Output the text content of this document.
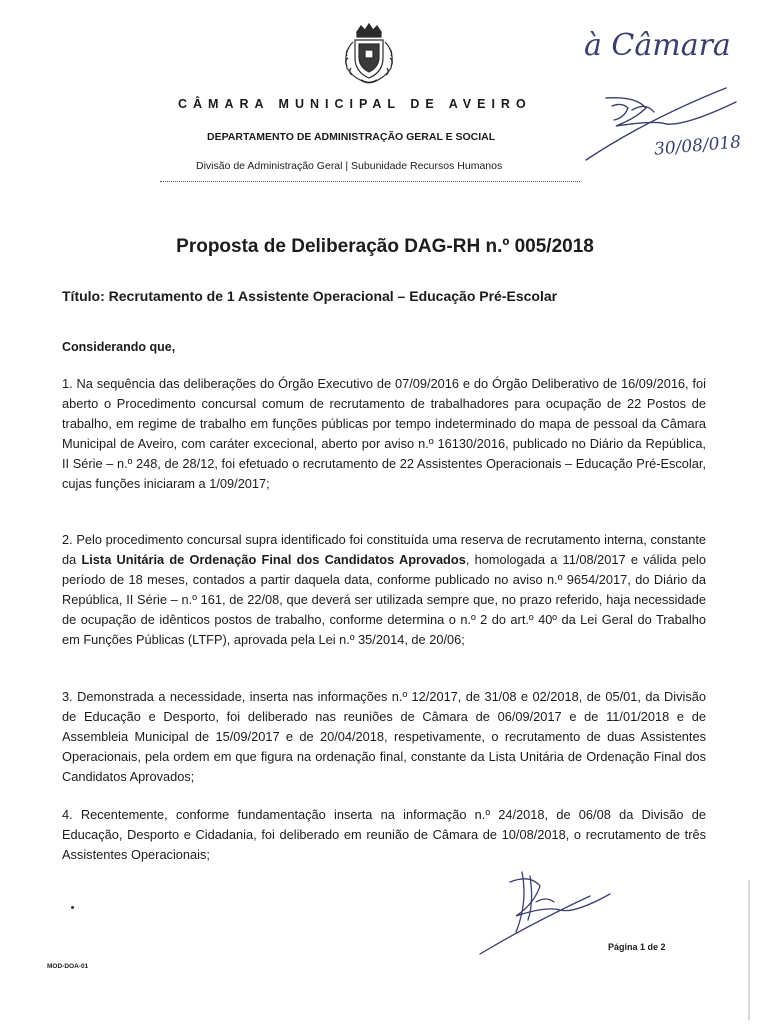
CÂMARA MUNICIPAL DE AVEIRO
DEPARTAMENTO DE ADMINISTRAÇÃO GERAL E SOCIAL
Divisão de Administração Geral | Subunidade Recursos Humanos
à Câmara
30/08/018
Proposta de Deliberação DAG-RH n.º 005/2018
Título: Recrutamento de 1 Assistente Operacional – Educação Pré-Escolar
Considerando que,

1. Na sequência das deliberações do Órgão Executivo de 07/09/2016 e do Órgão Deliberativo de 16/09/2016, foi aberto o Procedimento concursal comum de recrutamento de trabalhadores para ocupação de 22 Postos de trabalho, em regime de trabalho em funções públicas por tempo indeterminado do mapa de pessoal da Câmara Municipal de Aveiro, com caráter excecional, aberto por aviso n.º 16130/2016, publicado no Diário da República, II Série – n.º 248, de 28/12, foi efetuado o recrutamento de 22 Assistentes Operacionais – Educação Pré-Escolar, cujas funções iniciaram a 1/09/2017;

2. Pelo procedimento concursal supra identificado foi constituída uma reserva de recrutamento interna, constante da Lista Unitária de Ordenação Final dos Candidatos Aprovados, homologada a 11/08/2017 e válida pelo período de 18 meses, contados a partir daquela data, conforme publicado no aviso n.º 9654/2017, do Diário da República, II Série – n.º 161, de 22/08, que deverá ser utilizada sempre que, no prazo referido, haja necessidade de ocupação de idênticos postos de trabalho, conforme determina o n.º 2 do art.º 40º da Lei Geral do Trabalho em Funções Públicas (LTFP), aprovada pela Lei n.º 35/2014, de 20/06;

3. Demonstrada a necessidade, inserta nas informações n.º 12/2017, de 31/08 e 02/2018, de 05/01, da Divisão de Educação e Desporto, foi deliberado nas reuniões de Câmara de 06/09/2017 e de 11/01/2018 e de Assembleia Municipal de 15/09/2017 e de 20/04/2018, respetivamente, o recrutamento de duas Assistentes Operacionais, pela ordem em que figura na ordenação final, constante da Lista Unitária de Ordenação Final dos Candidatos Aprovados;

4. Recentemente, conforme fundamentação inserta na informação n.º 24/2018, de 06/08 da Divisão de Educação, Desporto e Cidadania, foi deliberado em reunião de Câmara de 10/08/2018, o recrutamento de três Assistentes Operacionais;

Página 1 de 2
MOD-DOA-01
